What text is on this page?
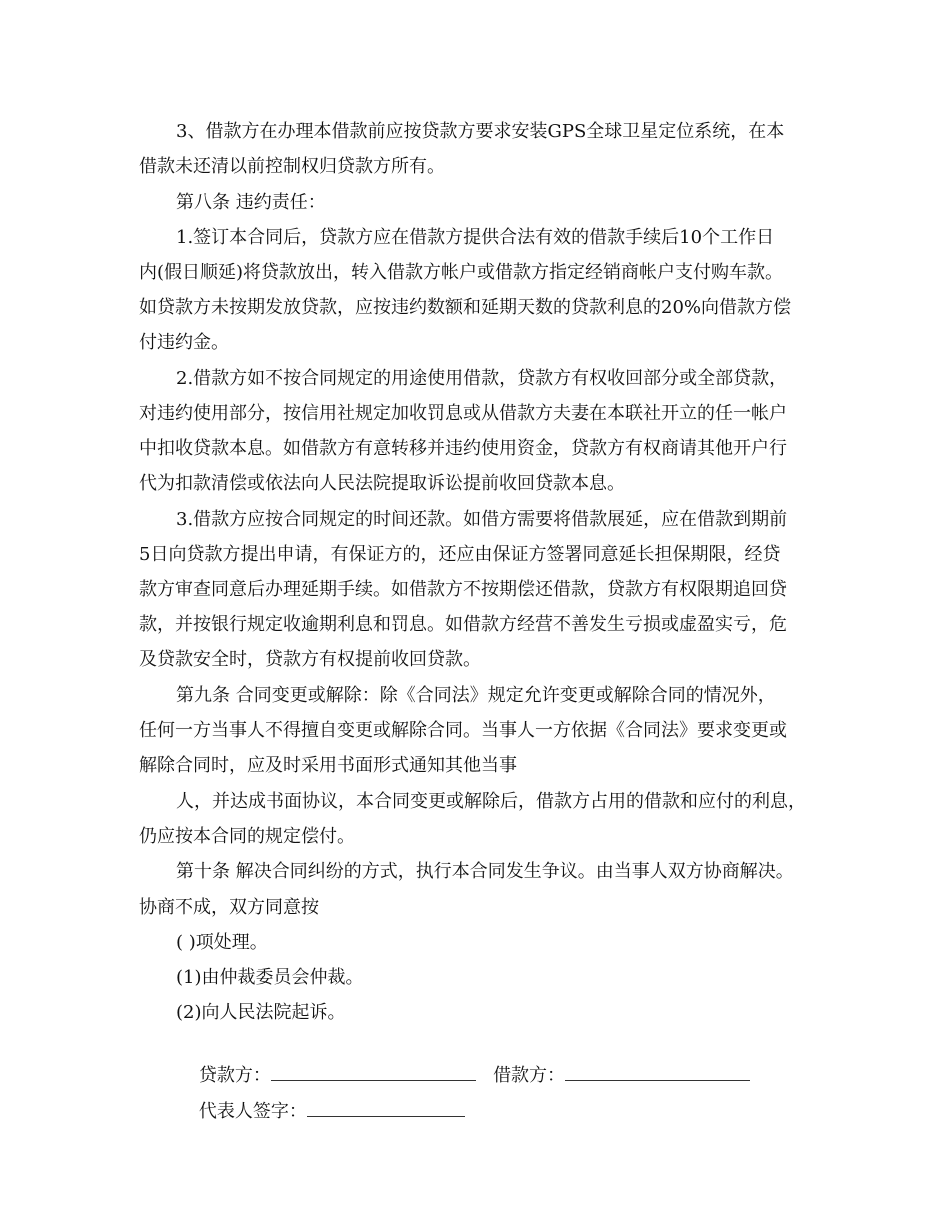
3、借款方在办理本借款前应按贷款方要求安装GPS全球卫星定位系统，在本
借款未还清以前控制权归贷款方所有。
第八条 违约责任：
1.签订本合同后，贷款方应在借款方提供合法有效的借款手续后10个工作日
内(假日顺延)将贷款放出，转入借款方帐户或借款方指定经销商帐户支付购车款。
如贷款方未按期发放贷款，应按违约数额和延期天数的贷款利息的20%向借款方偿
付违约金。
2.借款方如不按合同规定的用途使用借款，贷款方有权收回部分或全部贷款，
对违约使用部分，按信用社规定加收罚息或从借款方夫妻在本联社开立的任一帐户
中扣收贷款本息。如借款方有意转移并违约使用资金，贷款方有权商请其他开户行
代为扣款清偿或依法向人民法院提取诉讼提前收回贷款本息。
3.借款方应按合同规定的时间还款。如借方需要将借款展延，应在借款到期前
5日向贷款方提出申请，有保证方的，还应由保证方签署同意延长担保期限，经贷
款方审查同意后办理延期手续。如借款方不按期偿还借款，贷款方有权限期追回贷
款，并按银行规定收逾期利息和罚息。如借款方经营不善发生亏损或虚盈实亏，危
及贷款安全时，贷款方有权提前收回贷款。
第九条 合同变更或解除：除《合同法》规定允许变更或解除合同的情况外，
任何一方当事人不得擅自变更或解除合同。当事人一方依据《合同法》要求变更或
解除合同时，应及时采用书面形式通知其他当事
人，并达成书面协议，本合同变更或解除后，借款方占用的借款和应付的利息，
仍应按本合同的规定偿付。
第十条 解决合同纠纷的方式，执行本合同发生争议。由当事人双方协商解决。
协商不成，双方同意按
( )项处理。
(1)由仲裁委员会仲裁。
(2)向人民法院起诉。

贷款方：	借款方：

代表人签字：
